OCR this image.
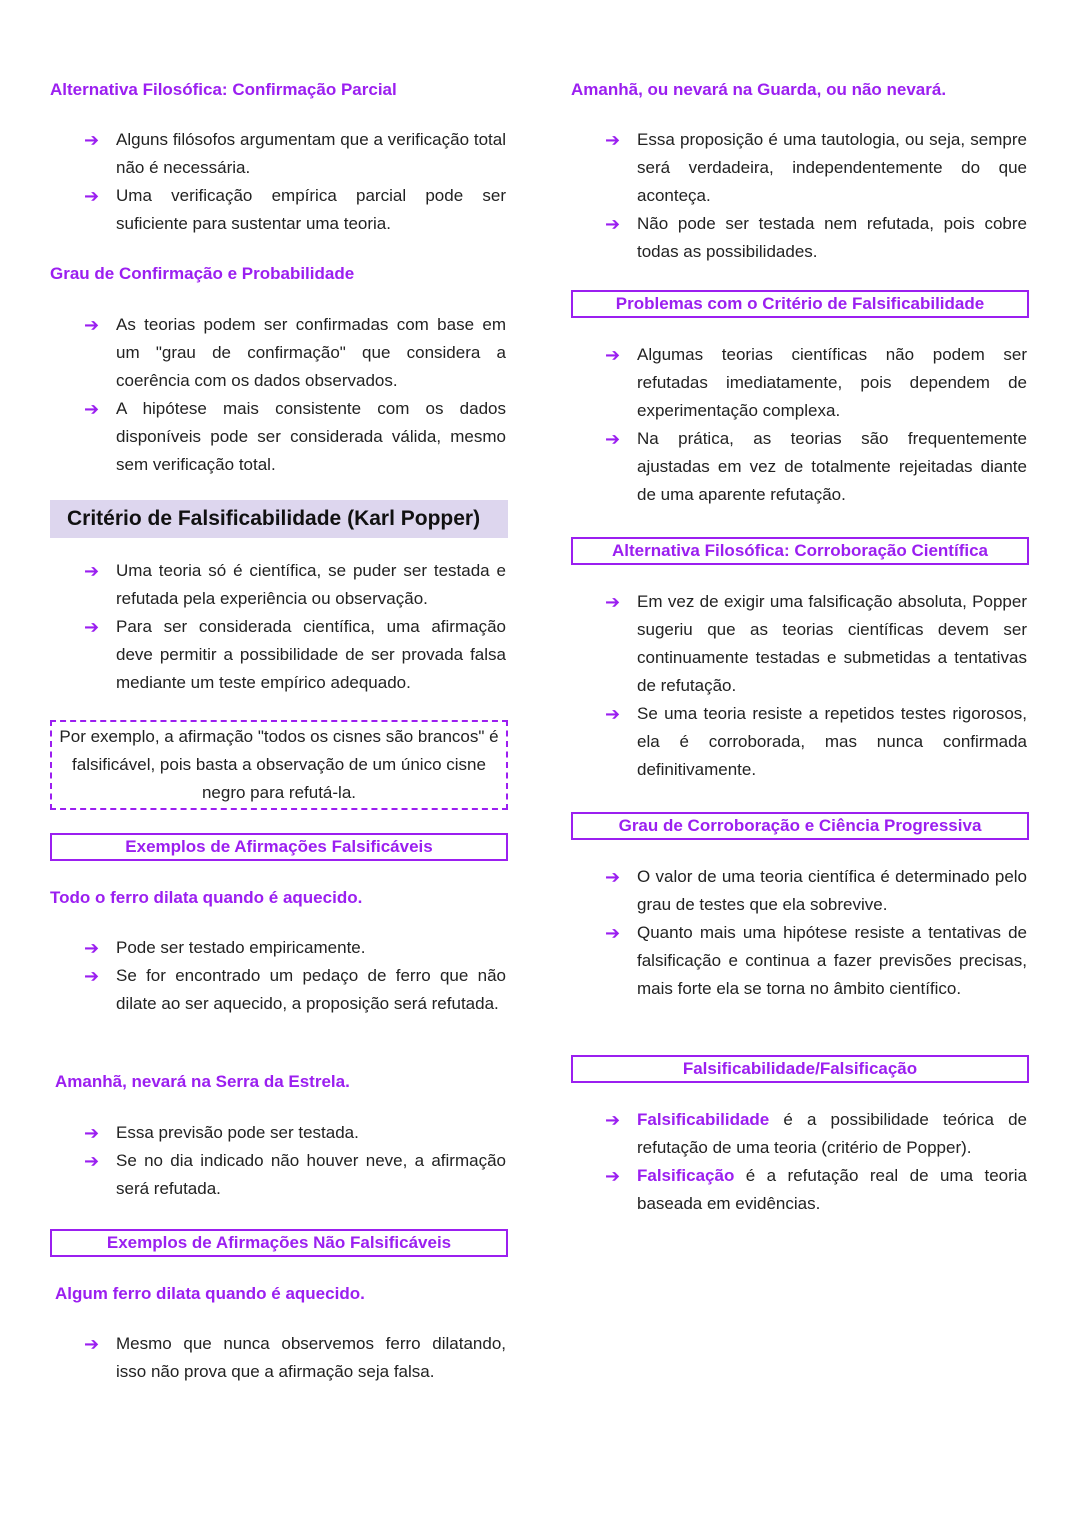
Alternativa Filosófica: Confirmação Parcial
➔ Alguns filósofos argumentam que a verificação total não é necessária.
➔ Uma verificação empírica parcial pode ser suficiente para sustentar uma teoria.
Grau de Confirmação e Probabilidade
➔ As teorias podem ser confirmadas com base em um "grau de confirmação" que considera a coerência com os dados observados.
➔ A hipótese mais consistente com os dados disponíveis pode ser considerada válida, mesmo sem verificação total.
Critério de Falsificabilidade (Karl Popper)
➔ Uma teoria só é científica, se puder ser testada e refutada pela experiência ou observação.
➔ Para ser considerada científica, uma afirmação deve permitir a possibilidade de ser provada falsa mediante um teste empírico adequado.
Por exemplo, a afirmação "todos os cisnes são brancos" é falsificável, pois basta a observação de um único cisne negro para refutá-la.
Exemplos de Afirmações Falsificáveis
Todo o ferro dilata quando é aquecido.
➔ Pode ser testado empiricamente.
➔ Se for encontrado um pedaço de ferro que não dilate ao ser aquecido, a proposição será refutada.
Amanhã, nevará na Serra da Estrela.
➔ Essa previsão pode ser testada.
➔ Se no dia indicado não houver neve, a afirmação será refutada.
Exemplos de Afirmações Não Falsificáveis
Algum ferro dilata quando é aquecido.
➔ Mesmo que nunca observemos ferro dilatando, isso não prova que a afirmação seja falsa.
Amanhã, ou nevará na Guarda, ou não nevará.
➔ Essa proposição é uma tautologia, ou seja, sempre será verdadeira, independentemente do que aconteça.
➔ Não pode ser testada nem refutada, pois cobre todas as possibilidades.
Problemas com o Critério de Falsificabilidade
➔ Algumas teorias científicas não podem ser refutadas imediatamente, pois dependem de experimentação complexa.
➔ Na prática, as teorias são frequentemente ajustadas em vez de totalmente rejeitadas diante de uma aparente refutação.
Alternativa Filosófica: Corroboração Científica
➔ Em vez de exigir uma falsificação absoluta, Popper sugeriu que as teorias científicas devem ser continuamente testadas e submetidas a tentativas de refutação.
➔ Se uma teoria resiste a repetidos testes rigorosos, ela é corroborada, mas nunca confirmada definitivamente.
Grau de Corroboração e Ciência Progressiva
➔ O valor de uma teoria científica é determinado pelo grau de testes que ela sobrevive.
➔ Quanto mais uma hipótese resiste a tentativas de falsificação e continua a fazer previsões precisas, mais forte ela se torna no âmbito científico.
Falsificabilidade/Falsificação
➔ Falsificabilidade é a possibilidade teórica de refutação de uma teoria (critério de Popper).
➔ Falsificação é a refutação real de uma teoria baseada em evidências.
